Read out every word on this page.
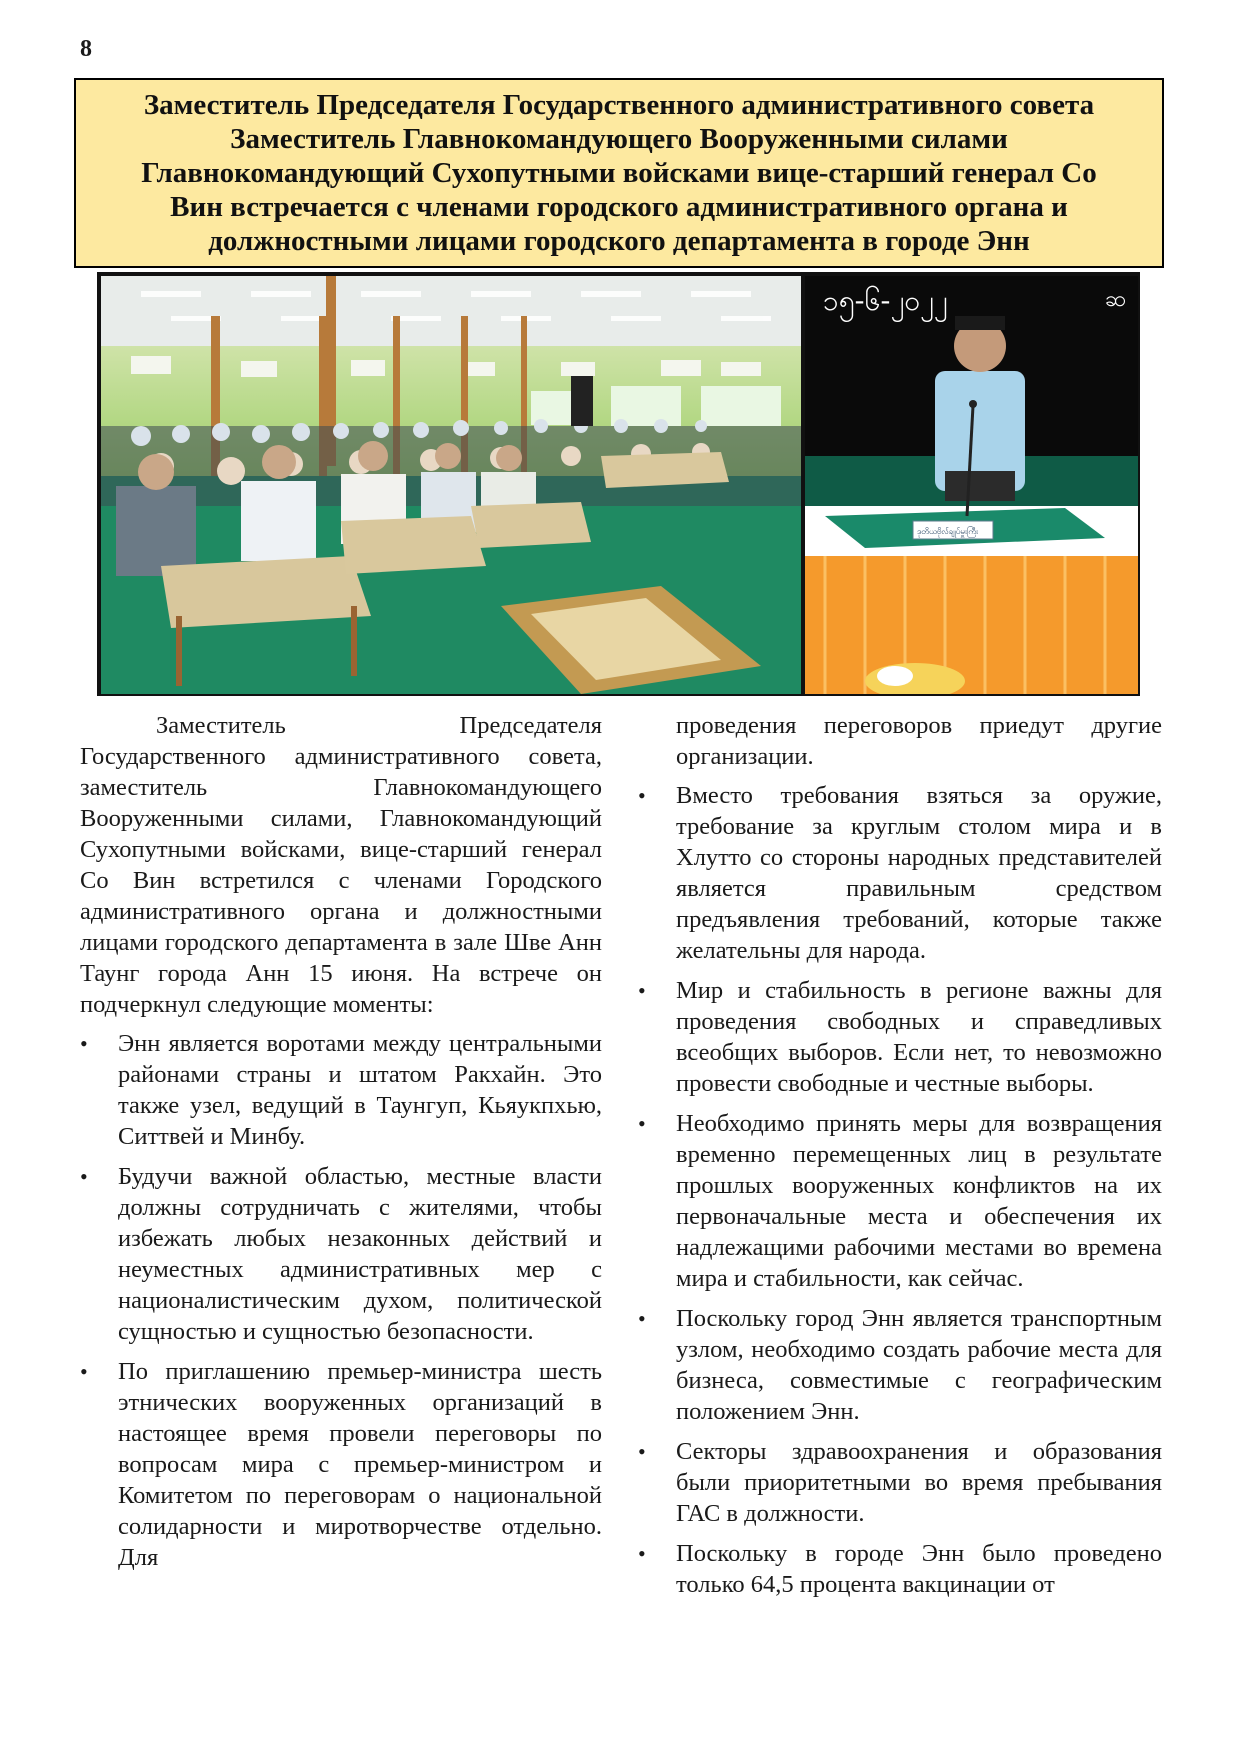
8
Заместитель Председателя Государственного административного совета
Заместитель Главнокомандующего Вооруженными силами
Главнокомандующий Сухопутными войсками вице-старший генерал Со
Вин встречается с членами городского административного органа и
должностными лицами городского департамента в городе Энн
၁၅-၆-၂၀၂၂	ဆ
ဒုတိယဗိုလ်ချုပ်မှူးကြီး

Заместитель Председателя Государственного административного совета, заместитель Главнокомандующего Вооруженными силами, Главнокомандующий Сухопутными войсками, вице-старший генерал Со Вин встретился с членами Городского административного органа и должностными лицами городского департамента в зале Шве Анн Таунг города Анн 15 июня. На встрече он подчеркнул следующие моменты:

• Энн является воротами между центральными районами страны и штатом Ракхайн. Это также узел, ведущий в Таунгуп, Кьяукпхью, Ситтвей и Минбу.
• Будучи важной областью, местные власти должны сотрудничать с жителями, чтобы избежать любых незаконных действий и неуместных административных мер с националистическим духом, политической сущностью и сущностью безопасности.
• По приглашению премьер-министра шесть этнических вооруженных организаций в настоящее время провели переговоры по вопросам мира с премьер-министром и Комитетом по переговорам о национальной солидарности и миротворчестве отдельно. Для

проведения переговоров приедут другие организации.

• Вместо требования взяться за оружие, требование за круглым столом мира и в Хлутто со стороны народных представителей является правильным средством предъявления требований, которые также желательны для народа.
• Мир и стабильность в регионе важны для проведения свободных и справедливых всеобщих выборов. Если нет, то невозможно провести свободные и честные выборы.
• Необходимо принять меры для возвращения временно перемещенных лиц в результате прошлых вооруженных конфликтов на их первоначальные места и обеспечения их надлежащими рабочими местами во времена мира и стабильности, как сейчас.
• Поскольку город Энн является транспортным узлом, необходимо создать рабочие места для бизнеса, совместимые с географическим положением Энн.
• Секторы здравоохранения и образования были приоритетными во время пребывания ГАС в должности.
• Поскольку в городе Энн было проведено только 64,5 процента вакцинации от
